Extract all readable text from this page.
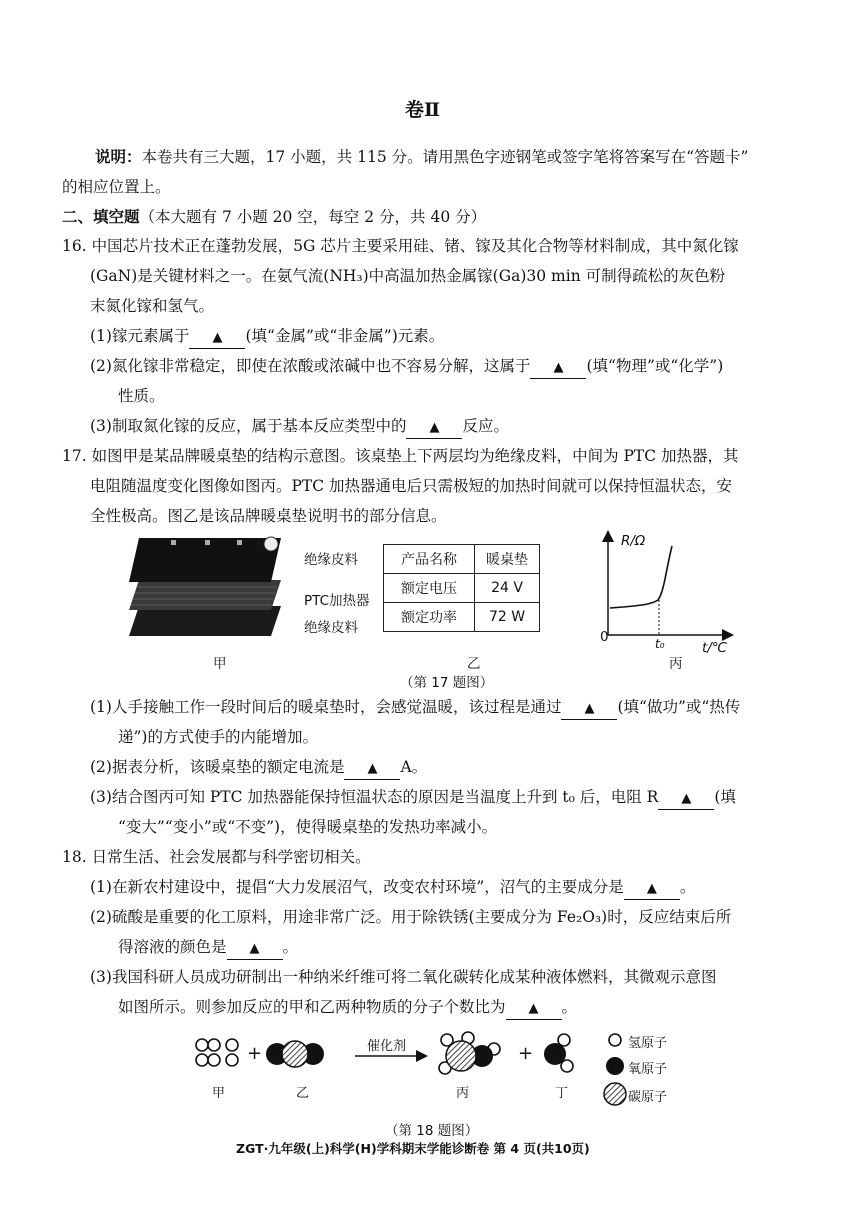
卷Ⅱ
说明：本卷共有三大题，17 小题，共 115 分。请用黑色字迹钢笔或签字笔将答案写在“答题卡”
的相应位置上。
二、填空题（本大题有 7 小题 20 空，每空 2 分，共 40 分）
16. 中国芯片技术正在蓬勃发展，5G 芯片主要采用硅、锗、镓及其化合物等材料制成，其中氮化镓
(GaN)是关键材料之一。在氨气流(NH₃)中高温加热金属镓(Ga)30 min 可制得疏松的灰色粉
末氮化镓和氢气。
(1)镓元素属于 ▲ (填“金属”或“非金属”)元素。
(2)氮化镓非常稳定，即使在浓酸或浓碱中也不容易分解，这属于 ▲ (填“物理”或“化学”)
性质。
(3)制取氮化镓的反应，属于基本反应类型中的 ▲ 反应。
17. 如图甲是某品牌暖桌垫的结构示意图。该桌垫上下两层均为绝缘皮料，中间为 PTC 加热器，其
电阻随温度变化图像如图丙。PTC 加热器通电后只需极短的加热时间就可以保持恒温状态，安
全性极高。图乙是该品牌暖桌垫说明书的部分信息。
绝缘皮料
PTC加热器
绝缘皮料
甲
产品名称	暖桌垫
额定电压	24 V
额定功率	72 W
乙
R/Ω
0	t₀	t/℃
丙
（第 17 题图）
(1)人手接触工作一段时间后的暖桌垫时，会感觉温暖，该过程是通过 ▲ (填“做功”或“热传
递”)的方式使手的内能增加。
(2)据表分析，该暖桌垫的额定电流是 ▲ A。
(3)结合图丙可知 PTC 加热器能保持恒温状态的原因是当温度上升到 t₀ 后，电阻 R ▲ (填
“变大”“变小”或“不变”)，使得暖桌垫的发热功率减小。
18. 日常生活、社会发展都与科学密切相关。
(1)在新农村建设中，提倡“大力发展沼气，改变农村环境”，沼气的主要成分是 ▲ 。
(2)硫酸是重要的化工原料，用途非常广泛。用于除铁锈(主要成分为 Fe₂O₃)时，反应结束后所
得溶液的颜色是 ▲ 。
(3)我国科研人员成功研制出一种纳米纤维可将二氧化碳转化成某种液体燃料，其微观示意图
如图所示。则参加反应的甲和乙两种物质的分子个数比为 ▲ 。
+	+
催化剂
甲	乙	丙	丁
氢原子
氧原子
碳原子
（第 18 题图）
ZGT·九年级(上)科学(H)学科期末学能诊断卷 第 4 页(共10页)
